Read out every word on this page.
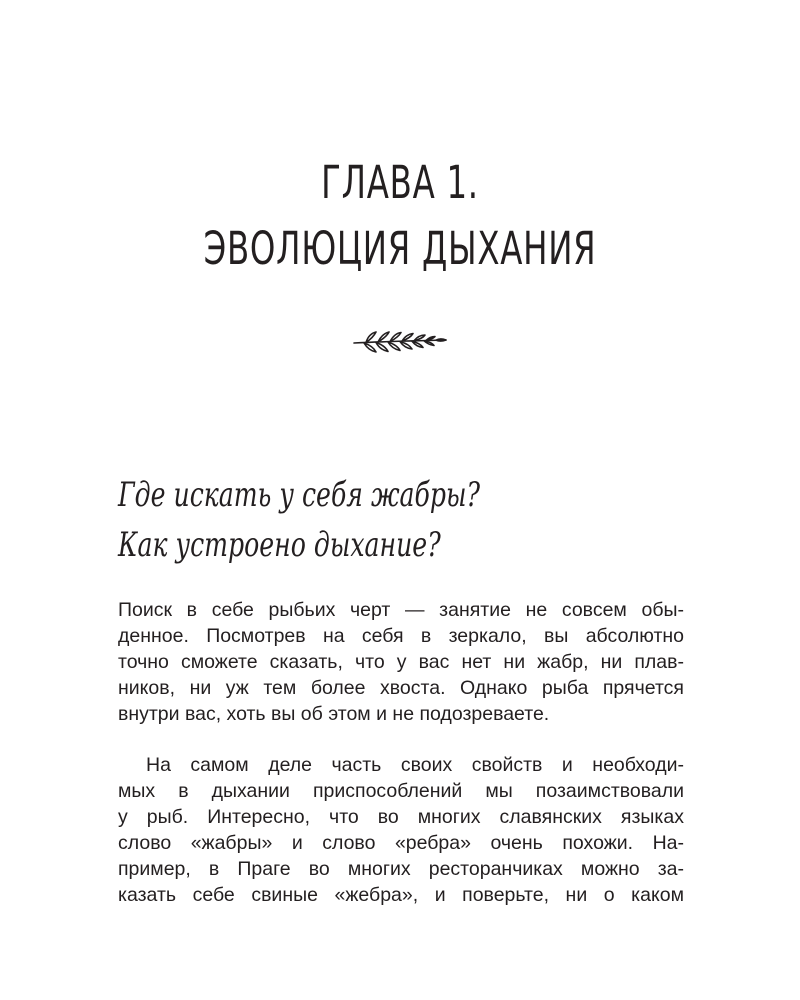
ГЛАВА 1.
ЭВОЛЮЦИЯ ДЫХАНИЯ
Где искать у себя жабры?
Как устроено дыхание?
Поиск в себе рыбьих черт — занятие не совсем обы-
денное. Посмотрев на себя в зеркало, вы абсолютно
точно сможете сказать, что у вас нет ни жабр, ни плав-
ников, ни уж тем более хвоста. Однако рыба прячется
внутри вас, хоть вы об этом и не подозреваете.
На самом деле часть своих свойств и необходи-
мых в дыхании приспособлений мы позаимствовали
у рыб. Интересно, что во многих славянских языках
слово «жабры» и слово «ребра» очень похожи. На-
пример, в Праге во многих ресторанчиках можно за-
казать себе свиные «жебра», и поверьте, ни о каком
